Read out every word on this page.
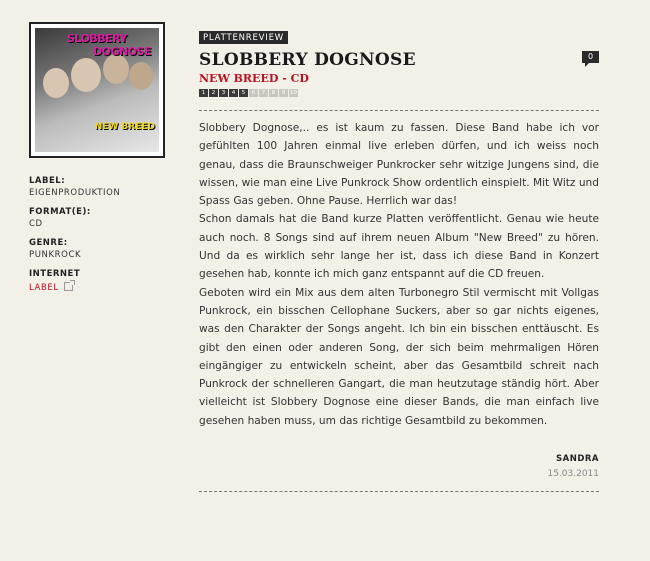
SLOBBERY
DOGNOSE
NEW BREED
LABEL:
EIGENPRODUKTION
FORMAT(E):
CD
GENRE:
PUNKROCK
INTERNET
LABEL
PLATTENREVIEW
SLOBBERY DOGNOSE
NEW BREED - CD
0
1	2	3	4	5	6	7	8	9 10

Slobbery Dognose,.. es ist kaum zu fassen. Diese Band habe ich vor gefühlten 100 Jahren einmal live erleben dürfen, und ich weiss noch genau, dass die Braunschweiger Punkrocker sehr witzige Jungens sind, die wissen, wie man eine Live Punkrock Show ordentlich einspielt. Mit Witz und Spass Gas geben. Ohne Pause. Herrlich war das!

Schon damals hat die Band kurze Platten veröffentlicht. Genau wie heute auch noch. 8 Songs sind auf ihrem neuen Album "New Breed" zu hören. Und da es wirklich sehr lange her ist, dass ich diese Band in Konzert gesehen hab, konnte ich mich ganz entspannt auf die CD freuen.

Geboten wird ein Mix aus dem alten Turbonegro Stil vermischt mit Vollgas Punkrock, ein bisschen Cellophane Suckers, aber so gar nichts eigenes, was den Charakter der Songs angeht. Ich bin ein bisschen enttäuscht. Es gibt den einen oder anderen Song, der sich beim mehrmaligen Hören eingängiger zu entwickeln scheint, aber das Gesamtbild schreit nach Punkrock der schnelleren Gangart, die man heutzutage ständig hört. Aber vielleicht ist Slobbery Dognose eine dieser Bands, die man einfach live gesehen haben muss, um das richtige Gesamtbild zu bekommen.

SANDRA
15.03.2011
